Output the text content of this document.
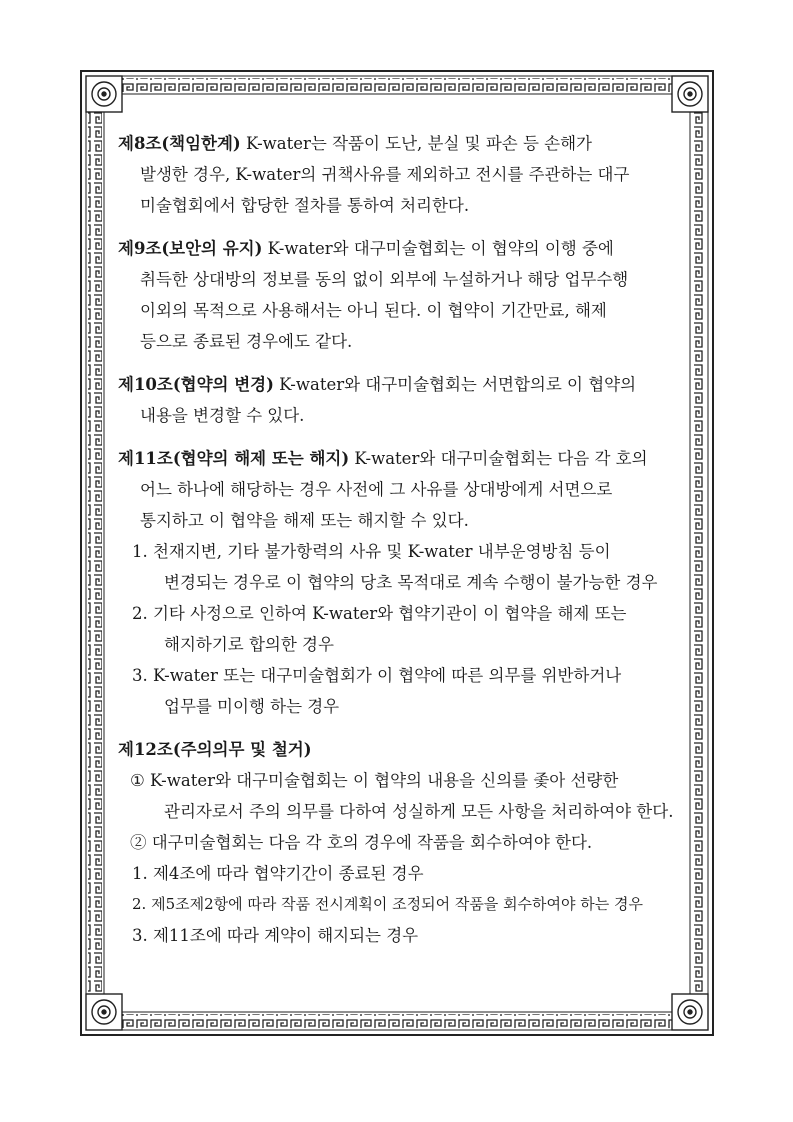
제8조(책임한계) K-water는 작품이 도난, 분실 및 파손 등 손해가
발생한 경우, K-water의 귀책사유를 제외하고 전시를 주관하는 대구
미술협회에서 합당한 절차를 통하여 처리한다.
제9조(보안의 유지) K-water와 대구미술협회는 이 협약의 이행 중에
취득한 상대방의 정보를 동의 없이 외부에 누설하거나 해당 업무수행
이외의 목적으로 사용해서는 아니 된다. 이 협약이 기간만료, 해제
등으로 종료된 경우에도 같다.
제10조(협약의 변경) K-water와 대구미술협회는 서면합의로 이 협약의
내용을 변경할 수 있다.
제11조(협약의 해제 또는 해지) K-water와 대구미술협회는 다음 각 호의
어느 하나에 해당하는 경우 사전에 그 사유를 상대방에게 서면으로
통지하고 이 협약을 해제 또는 해지할 수 있다.
1. 천재지변, 기타 불가항력의 사유 및 K-water 내부운영방침 등이
변경되는 경우로 이 협약의 당초 목적대로 계속 수행이 불가능한 경우
2. 기타 사정으로 인하여 K-water와 협약기관이 이 협약을 해제 또는
해지하기로 합의한 경우
3. K-water 또는 대구미술협회가 이 협약에 따른 의무를 위반하거나
업무를 미이행 하는 경우
제12조(주의의무 및 철거)
① K-water와 대구미술협회는 이 협약의 내용을 신의를 좇아 선량한
관리자로서 주의 의무를 다하여 성실하게 모든 사항을 처리하여야 한다.
② 대구미술협회는 다음 각 호의 경우에 작품을 회수하여야 한다.
1. 제4조에 따라 협약기간이 종료된 경우
2. 제5조제2항에 따라 작품 전시계획이 조정되어 작품을 회수하여야 하는 경우
3. 제11조에 따라 계약이 해지되는 경우
